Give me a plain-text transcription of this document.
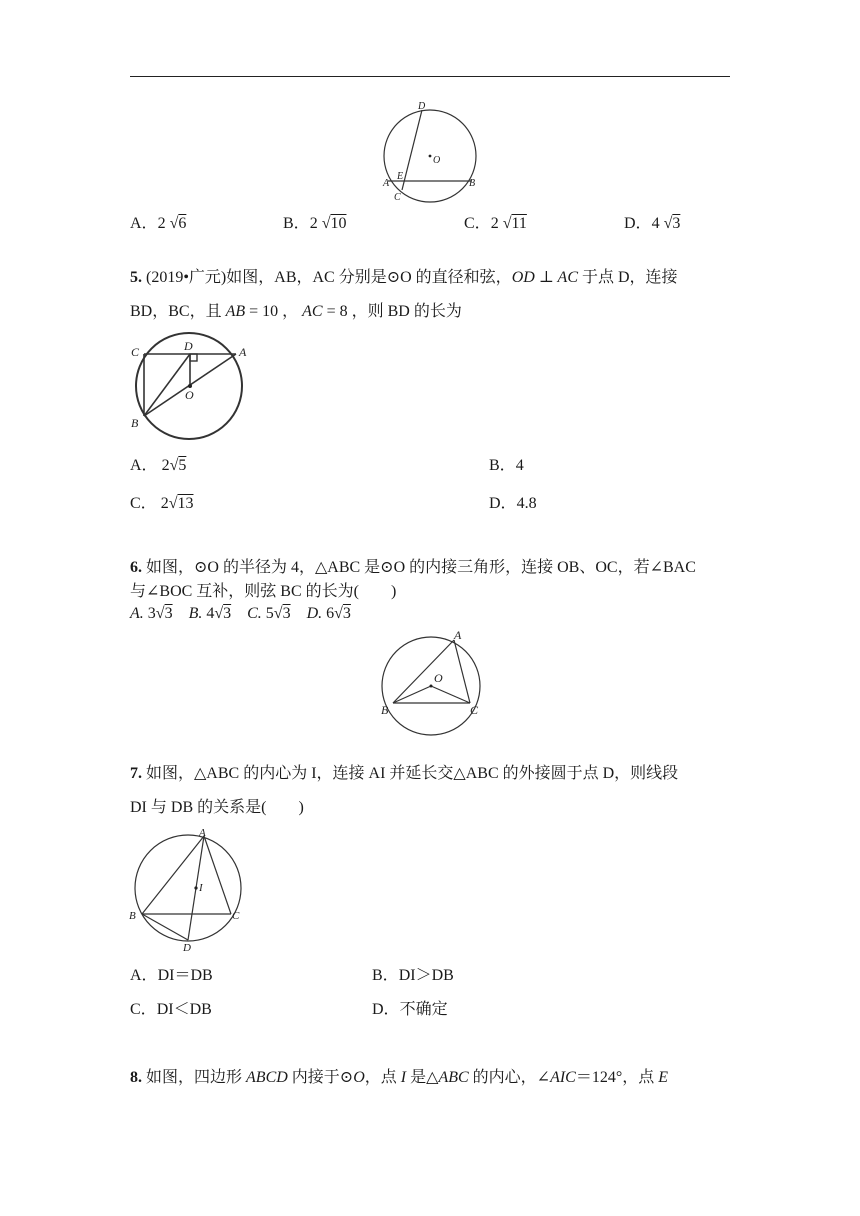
D
O
A
E
B
C
A．2 √6	B．2 √10	C．2 √11	D．4 √3
5. (2019•广元)如图，AB，AC 分别是⊙O 的直径和弦，OD ⊥ AC 于点 D，连接
BD，BC，且 AB = 10 ， AC = 8 ，则 BD 的长为
C	D	A
O
B
A． 2√5	B．4
C． 2√13	D．4.8
6. 如图，⊙O 的半径为 4，△ABC 是⊙O 的内接三角形，连接 OB、OC，若∠BAC
与∠BOC 互补，则弦 BC 的长为(　　)
A. 3√3 B. 4√3 C. 5√3 D. 6√3
A
O
B	C
7. 如图，△ABC 的内心为 I，连接 AI 并延长交△ABC 的外接圆于点 D，则线段
DI 与 DB 的关系是(　　)
A
I
B	C
D
A．DI＝DB	B．DI＞DB
C．DI＜DB	D．不确定
8. 如图，四边形 ABCD 内接于⊙O，点 I 是△ABC 的内心，∠AIC＝124°，点 E
